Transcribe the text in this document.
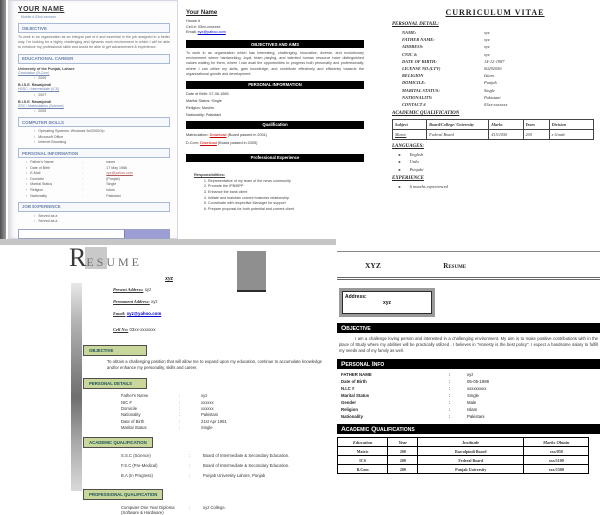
YOUR NAME
Mobile # 03xx-xxxxxxx
OBJECTIVE
To work in an organization as an integral part of it and essential in the job assigned in a better way. I'm looking for a highly challenging and dynamic work environment in which I will be able to enhance my professional skills and would be able to get advancement & experience.
EDUCATIONAL CAREER
University of the Punjab, Lahore
Graduation (B.Com)
▪ 2009
B.I.S.E. Rawalpindi
HSSC / Intermediate (ICS)
▪ 2007
B.I.S.E. Rawalpindi
SSC / Matriculation (Science)
▪ 2005
COMPUTER SKILLS
▪ Operating Systems: Windows 9x/2000/Xp
▪ Microsoft Office
▪ Internet Browsing
PERSONAL INFORMATION
▪ Father's Name	:	name
▪ Date of Birth	:	17 May 1986
▪ E-Mail	:	xyz@yahoo.com
▪ Domicile	:	(Punjab)
▪ Marital Status	:	Single
▪ Religion	:	Islam
▪ Nationality	:	Pakistani
JOB EXPERIENCE
▪ Served as a
▪ Served as a
Your Name
House #
Cell #: 03xx-xxxxxxx
Email: xyz@yahoo.com
OBJECTIVES AND AIMS
To work in an organization which has interesting, challenging, innovative, diverse, and evolutionary environment where hardworking, loyal, team playing, and talented human resource have distinguished values waiting for them, where I can avail the opportunities to progress both personally and professionally, where I can utilize my skills, gain knowledge, and contribute effectively and efficiently towards the organizational growth and development.
PERSONAL INFORMATION
Date of Birth: 07-06-1985
Marital Status: Single
Religion: Muslim
Nationality: Pakistani
Qualification
Matriculation: Download (Board passed in 2001)
D.Com: Download (Board passed in 2005)
Professional Experience
Responsibilities:
1. Representative of my team of the news community
2. Promote the IPB/BPP
3. Enhance the bank client
4. Initiate and maintain current business relationship
5. Coordinate with respective Manager for support
6. Prepare proposal for both potential and current client
CURRICULUM VITAE
PERSONAL DETAIL:
NAME:	xyz
FATHER NAME:	xyz
ADDRESS:	xyz
CNIC #:	xyz
DATE OF BIRTH:	14-12-1987
LICENSE NO.(LTV)	00292056
RELIGION	Islam
DOMICILE:	Punjab
MARITAL STATUS:	Single
NATIONALITY:	Pakistani
CONTACT #	03xx-xxxxxxx
ACADEMIC QUALIFICATION
Subject	Board/College/ University	Marks	Years	Division
Matric	Federal Board	415/1050	200	x Grade
LANGUAGES:
► English
► Urdu
► Punjabi
EXPERIENCE
► 6 months experienced
RESUME
xyz
Present Address: xyz
Permanent Address: xyz
Email: xyz@yahoo.com
Cell No: 03xx-xxxxxxx
OBJECTIVE
To obtain a challenging position that will allow me to expand upon my education, continue to accumulate knowledge and/or enhance my personality, skills and career.
PERSONAL DETAILS
Father's Name	:	xyz
NIC #	:	xxxxxx
Domicile	:	xxxxxx
Nationality	:	Pakistani
Date of Birth	:	21st Apr 1991
Marital Status	:	Single
ACADEMIC QUALIFICATION
S.S.C (Science)	:	Board of Intermediate & Secondary Education.
F.S.C (Pre-Medical)	:	Board of Intermediate & Secondary Education.
B.A (In Progress)	:	Punjab University Lahore, Punjab
PROFESSIONAL QUALIFICATION
Computer One Year Diploma (Software & Hardware)
:	xyz College.
XYZ	Resume
Address:
xyz
Objective
I am a challenge loving person and interested in a challenging environment. My aim is to make positive contributions with in the place of Study where my abilities will be practically utilized . I believes in "Honesty is the best policy". I expect a handsome salary to fulfill my needs and of my family as well.
Personal Info
FATHER NAME	:	xyz
Date of Birth	:	05-05-1988
N.I.C #	:	xxxxxxxxx
Marital Status	:	Single
Gender	:	Male
Religion	:	Islam
Nationality	:	Pakistani
Academic Qualifications
Education	Year	Institude	Marks Obtain
Matric	200	Rawalpindi Board	xxx/850
ICS	200	Federal Board	xxx/1100
B.Com	200	Punjab University	xxx/1500
